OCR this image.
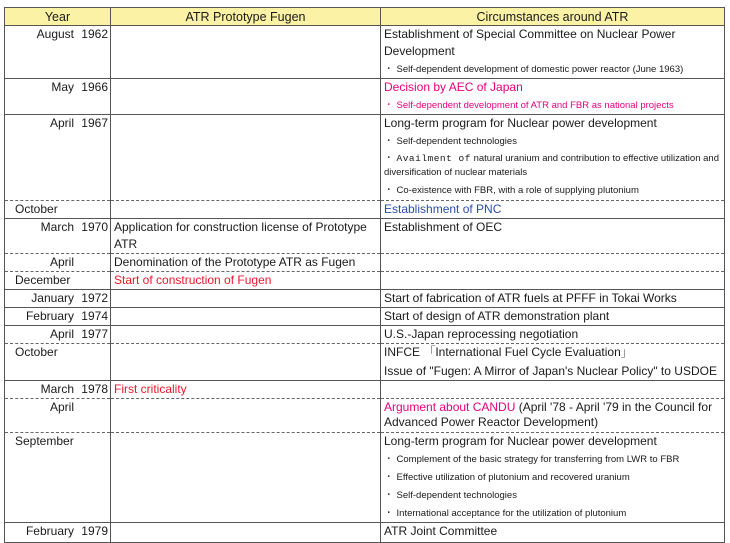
Year	ATR Prototype Fugen	Circumstances around ATR

August 1962		Establishment of Special Committee on Nuclear Power Development
・ Self-dependent development of domestic power reactor (June 1963)

May 1966		Decision by AEC of Japan
・ Self-dependent development of ATR and FBR as national projects

April 1967		Long-term program for Nuclear power development
・ Self-dependent technologies
・ Availment of natural uranium and contribution to effective utilization and diversification of nuclear materials
・ Co-existence with FBR, with a role of supplying plutonium

October		Establishment of PNC

March 1970	Application for construction license of Prototype ATR	Establishment of OEC

April	Denomination of the Prototype ATR as Fugen	

December	Start of construction of Fugen	

January 1972		Start of fabrication of ATR fuels at PFFF in Tokai Works

February 1974		Start of design of ATR demonstration plant

April 1977		U.S.-Japan reprocessing negotiation

October		INFCE 「International Fuel Cycle Evaluation」
Issue of "Fugen: A Mirror of Japan's Nuclear Policy" to USDOE

March 1978	First criticality	

April		Argument about CANDU (April '78 - April '79 in the Council for Advanced Power Reactor Development)

September		Long-term program for Nuclear power development
・ Complement of the basic strategy for transferring from LWR to FBR
・ Effective utilization of plutonium and recovered uranium
・ Self-dependent technologies
・ International acceptance for the utilization of plutonium

February 1979		ATR Joint Committee
